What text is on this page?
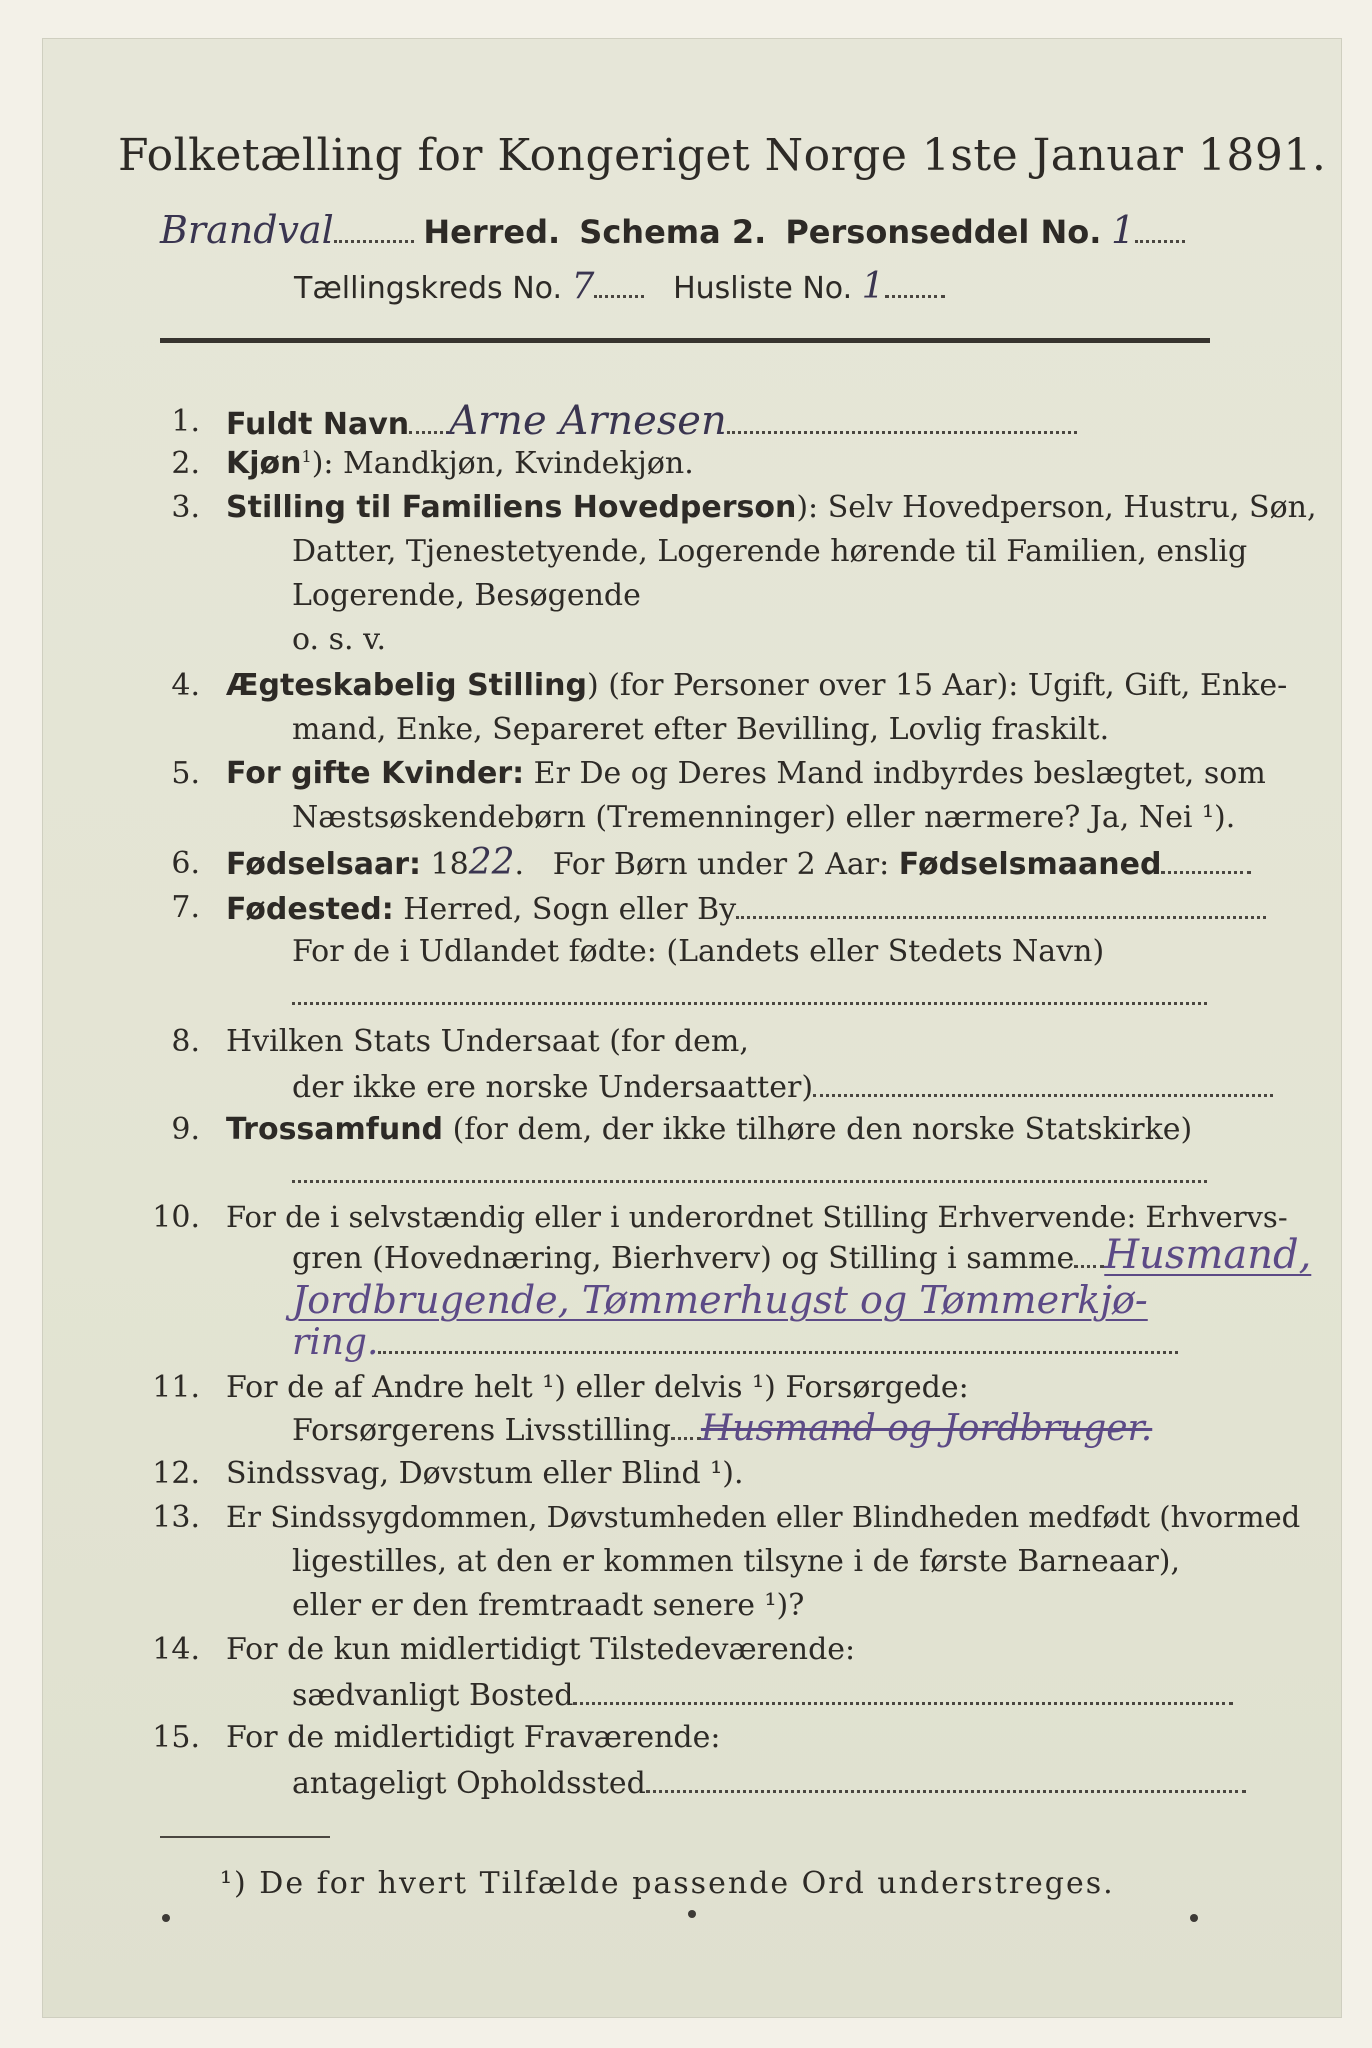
Folketælling for Kongeriget Norge 1ste Januar 1891.
Brandval	Herred. Schema 2. Personseddel No. 1
Tællingskreds No. 7	Husliste No. 1
1. Fuldt Navn Arne Arnesen
2. Kjøn$^1$): Mandkjøn, Kvindekjøn.
3. Stilling til Familiens Hovedperson): Selv Hovedperson, Hustru, Søn,
Datter, Tjenestetyende, Logerende hørende til Familien, enslig
Logerende, Besøgende
o. s. v.
4. Ægteskabelig Stilling) (for Personer over 15 Aar): Ugift, Gift, Enke-
mand, Enke, Separeret efter Bevilling, Lovlig fraskilt.
5. For gifte Kvinder: Er De og Deres Mand indbyrdes beslægtet, som
Næstsøskendebørn (Tremenninger) eller nærmere? Ja, Nei ¹).
6. Fødselsaar: 1822.   For Børn under 2 Aar: Fødselsmaaned
7. Fødested: Herred, Sogn eller By
For de i Udlandet fødte: (Landets eller Stedets Navn)
8. Hvilken Stats Undersaat (for dem,
der ikke ere norske Undersaatter)
9. Trossamfund (for dem, der ikke tilhøre den norske Statskirke)
10. For de i selvstændig eller i underordnet Stilling Erhvervende: Erhvervs-
gren (Hovednæring, Bierhverv) og Stilling i samme Husmand,
Jordbrugende, Tømmerhugst og Tømmerkjø-
ring.
11. For de af Andre helt ¹) eller delvis ¹) Forsørgede:
Forsørgerens Livsstilling Husmand og Jordbruger.
12. Sindssvag, Døvstum eller Blind ¹).
13. Er Sindssygdommen, Døvstumheden eller Blindheden medfødt (hvormed
ligestilles, at den er kommen tilsyne i de første Barneaar),
eller er den fremtraadt senere ¹)?
14. For de kun midlertidigt Tilstedeværende:
sædvanligt Bosted
15. For de midlertidigt Fraværende:
antageligt Opholdssted
¹) De for hvert Tilfælde passende Ord understreges.
